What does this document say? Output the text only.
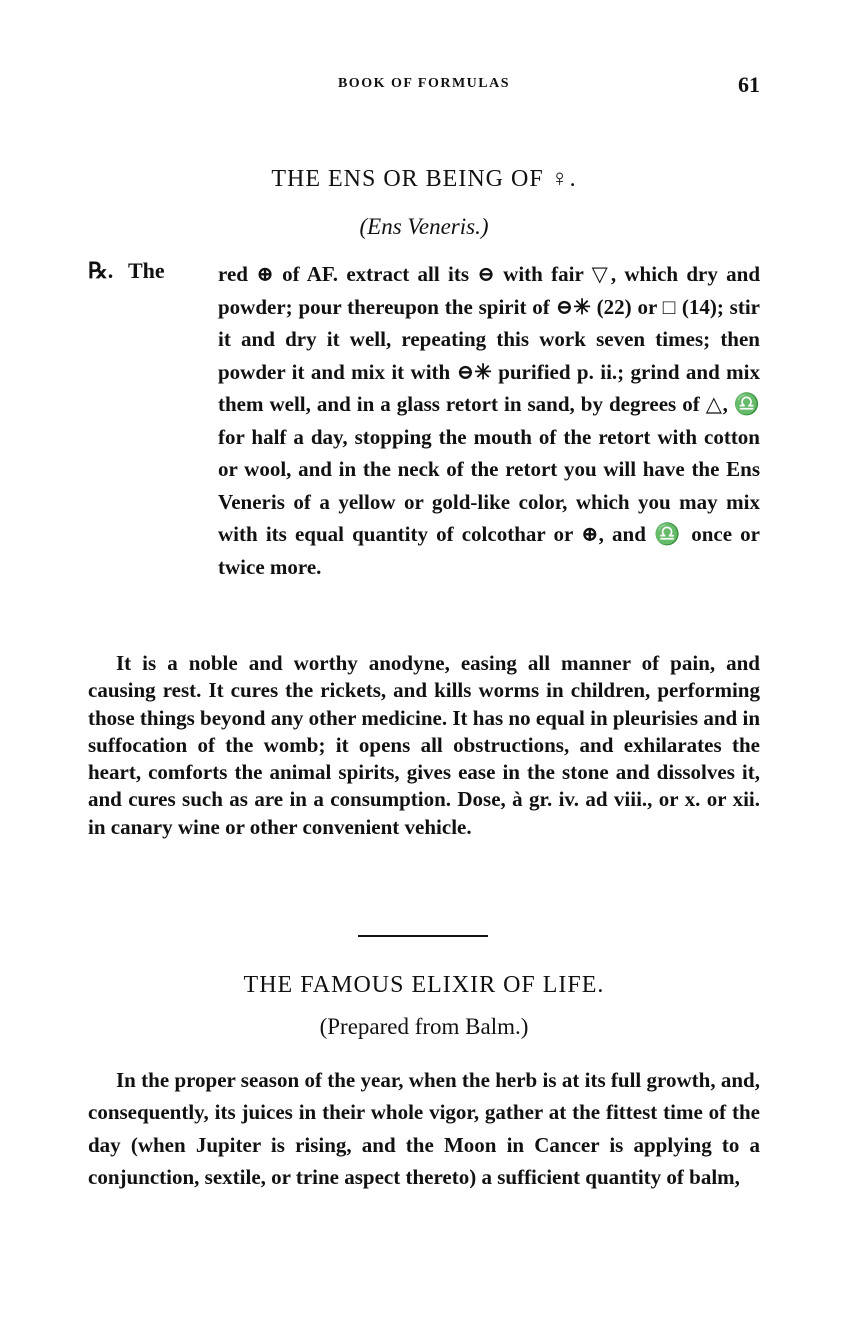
BOOK OF FORMULAS	61
THE ENS OR BEING OF ♀.
(Ens Veneris.)
℞. The	red ⊕ of AF. extract all its ⊖ with fair ▽, which dry and powder; pour thereupon the spirit of ⊖✳ (22) or □ (14); stir it and dry it well, repeating this work seven times; then powder it and mix it with ⊖✳ purified p. ii.; grind and mix them well, and in a glass retort in sand, by degrees of △, ♎ for half a day, stopping the mouth of the retort with cotton or wool, and in the neck of the retort you will have the Ens Veneris of a yellow or gold-like color, which you may mix with its equal quantity of colcothar or ⊕, and ♎ once or twice more.
It is a noble and worthy anodyne, easing all manner of pain, and causing rest. It cures the rickets, and kills worms in children, performing those things beyond any other medicine. It has no equal in pleurisies and in suffocation of the womb; it opens all obstructions, and exhilarates the heart, comforts the animal spirits, gives ease in the stone and dissolves it, and cures such as are in a consumption. Dose, à gr. iv. ad viii., or x. or xii. in canary wine or other convenient vehicle.
THE FAMOUS ELIXIR OF LIFE.
(Prepared from Balm.)
In the proper season of the year, when the herb is at its full growth, and, consequently, its juices in their whole vigor, gather at the fittest time of the day (when Jupiter is rising, and the Moon in Cancer is applying to a conjunction, sextile, or trine aspect thereto) a sufficient quantity of balm,
